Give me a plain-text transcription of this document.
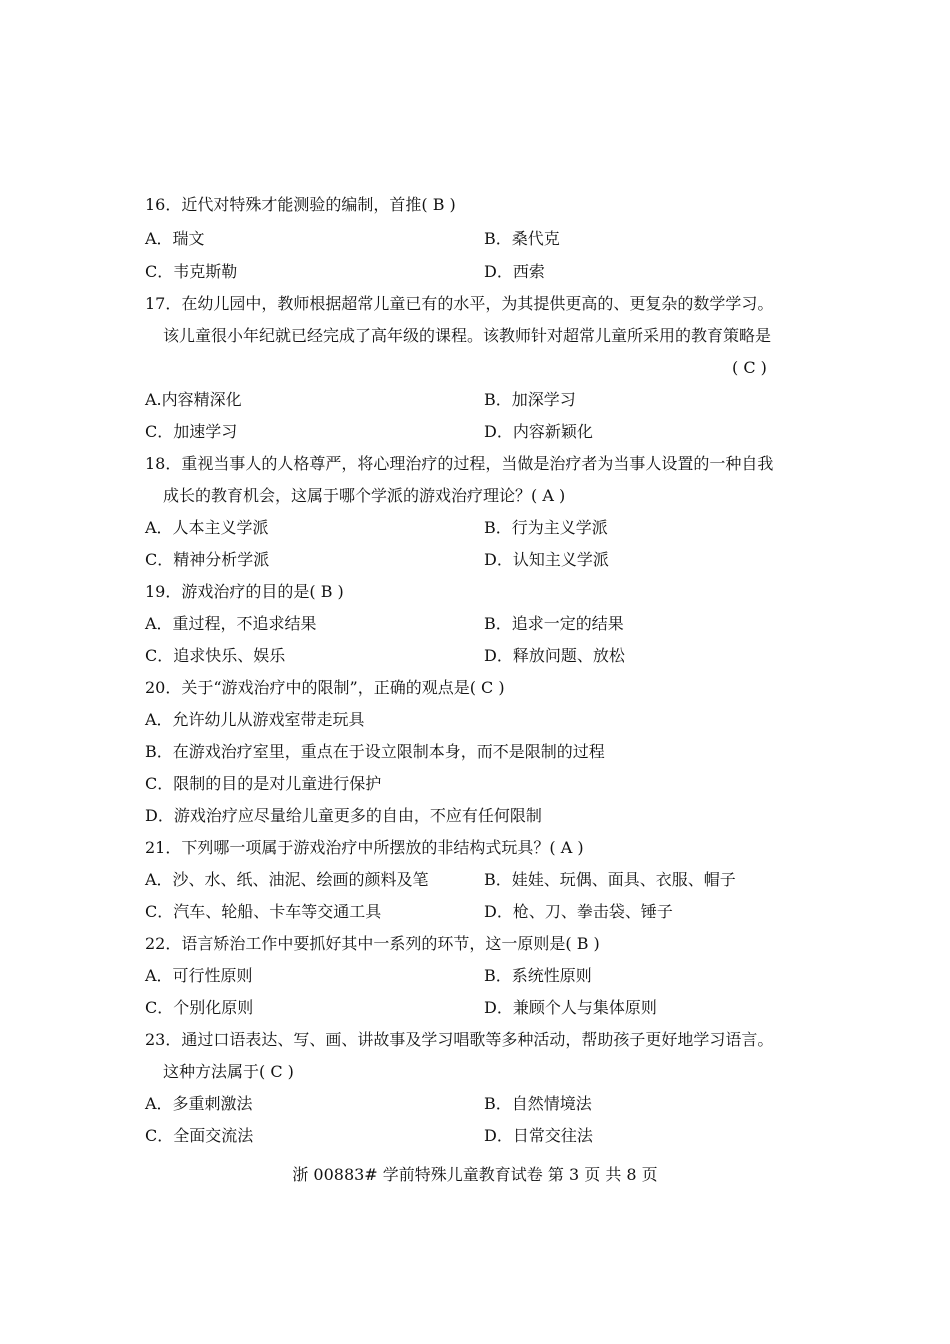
16．近代对特殊才能测验的编制，首推( B )
A．瑞文	B．桑代克
C．韦克斯勒	D．西索
17．在幼儿园中，教师根据超常儿童已有的水平，为其提供更高的、更复杂的数学学习。
该儿童很小年纪就已经完成了高年级的课程。该教师针对超常儿童所采用的教育策略是
( C )
A.内容精深化	B．加深学习
C．加速学习	D．内容新颖化
18．重视当事人的人格尊严，将心理治疗的过程，当做是治疗者为当事人设置的一种自我
成长的教育机会，这属于哪个学派的游戏治疗理论？( A )
A．人本主义学派	B．行为主义学派
C．精神分析学派	D．认知主义学派
19．游戏治疗的目的是( B )
A．重过程，不追求结果	B．追求一定的结果
C．追求快乐、娱乐	D．释放问题、放松
20．关于“游戏治疗中的限制”，正确的观点是( C )
A．允许幼儿从游戏室带走玩具
B．在游戏治疗室里，重点在于设立限制本身，而不是限制的过程
C．限制的目的是对儿童进行保护
D．游戏治疗应尽量给儿童更多的自由，不应有任何限制
21．下列哪一项属于游戏治疗中所摆放的非结构式玩具？( A )
A．沙、水、纸、油泥、绘画的颜料及笔	B．娃娃、玩偶、面具、衣服、帽子
C．汽车、轮船、卡车等交通工具	D．枪、刀、拳击袋、锤子
22．语言矫治工作中要抓好其中一系列的环节，这一原则是( B )
A．可行性原则	B．系统性原则
C．个别化原则	D．兼顾个人与集体原则
23．通过口语表达、写、画、讲故事及学习唱歌等多种活动，帮助孩子更好地学习语言。
这种方法属于( C )
A．多重刺激法	B．自然情境法
C．全面交流法	D．日常交往法
浙 00883# 学前特殊儿童教育试卷 第 3 页 共 8 页
